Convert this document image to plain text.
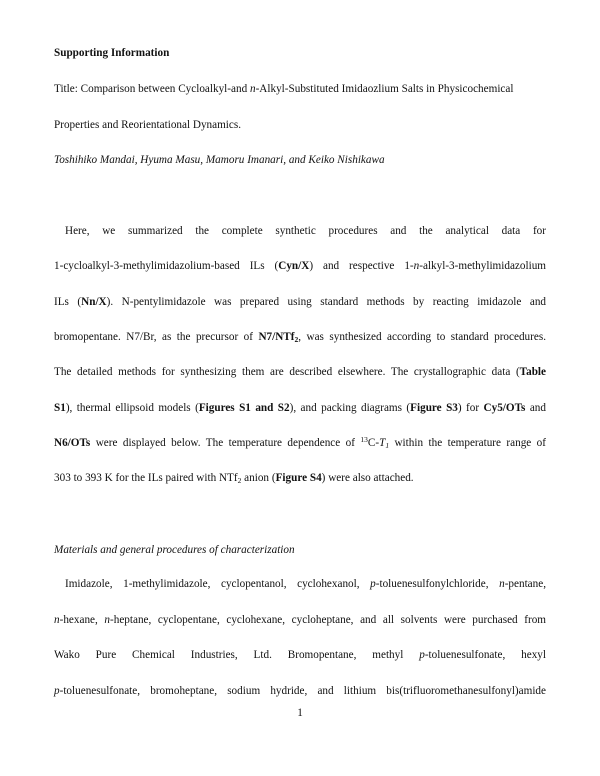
Supporting Information
Title: Comparison between Cycloalkyl-and n-Alkyl-Substituted Imidaozlium Salts in Physicochemical
Properties and Reorientational Dynamics.
Toshihiko Mandai, Hyuma Masu, Mamoru Imanari, and Keiko Nishikawa
Here, we summarized the complete synthetic procedures and the analytical data for
1-cycloalkyl-3-methylimidazolium-based ILs (Cyn/X) and respective 1-n-alkyl-3-methylimidazolium
ILs (Nn/X). N-pentylimidazole was prepared using standard methods by reacting imidazole and
bromopentane. N7/Br, as the precursor of N7/NTf$_2$, was synthesized according to standard procedures.
The detailed methods for synthesizing them are described elsewhere. The crystallographic data (Table
S1), thermal ellipsoid models (Figures S1 and S2), and packing diagrams (Figure S3) for Cy5/OTs and
N6/OTs were displayed below. The temperature dependence of $^{13}C-T_1$ within the temperature range of
303 to 393 K for the ILs paired with NTf$_2$ anion (Figure S4) were also attached.
Materials and general procedures of characterization
Imidazole, 1-methylimidazole, cyclopentanol, cyclohexanol, p-toluenesulfonylchloride, n-pentane,
n-hexane, n-heptane, cyclopentane, cyclohexane, cycloheptane, and all solvents were purchased from
Wako Pure Chemical Industries, Ltd. Bromopentane, methyl p-toluenesulfonate, hexyl
p-toluenesulfonate, bromoheptane, sodium hydride, and lithium bis(trifluoromethanesulfonyl)amide
1
